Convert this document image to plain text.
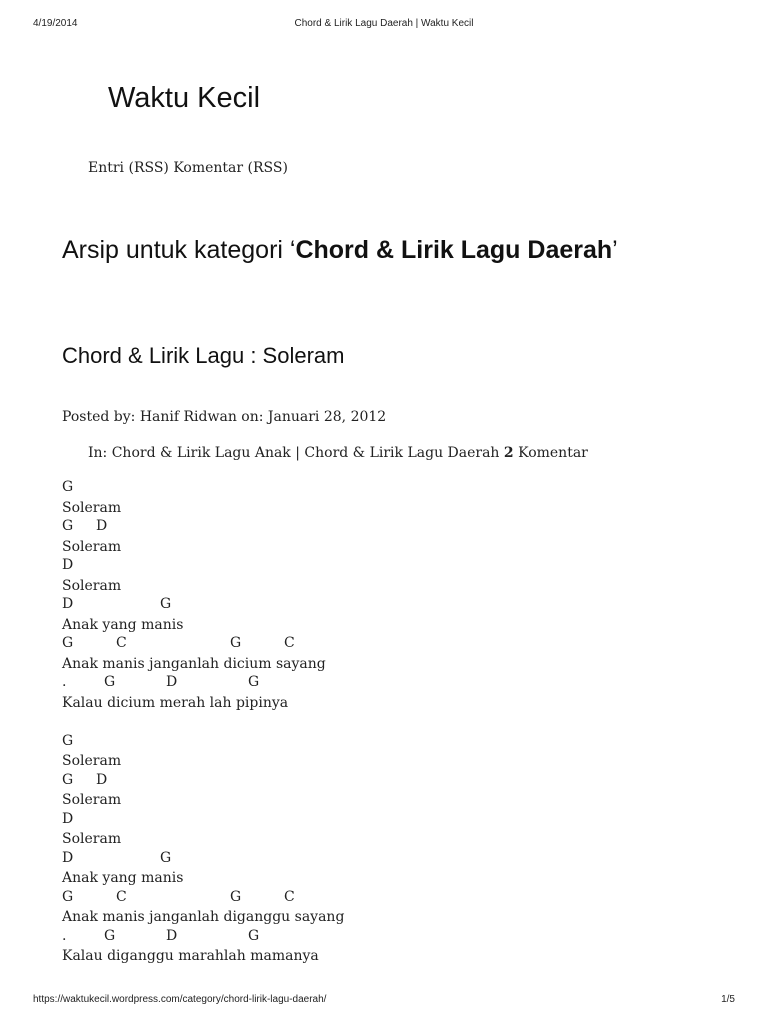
4/19/2014	Chord & Lirik Lagu Daerah | Waktu Kecil
Waktu Kecil
Entri (RSS) Komentar (RSS)
Arsip untuk kategori ‘Chord & Lirik Lagu Daerah’
Chord & Lirik Lagu : Soleram
Posted by: Hanif Ridwan on: Januari 28, 2012
In: Chord & Lirik Lagu Anak | Chord & Lirik Lagu Daerah 2 Komentar
G
Soleram
G D
Soleram
D
Soleram
D	G
Anak yang manis
G	C	G	C
Anak manis janganlah dicium sayang
.	G	D	G
Kalau dicium merah lah pipinya
G
Soleram
G D
Soleram
D
Soleram
D	G
Anak yang manis
G	C	G	C
Anak manis janganlah diganggu sayang
.	G	D	G
Kalau diganggu marahlah mamanya
https://waktukecil.wordpress.com/category/chord-lirik-lagu-daerah/	1/5
